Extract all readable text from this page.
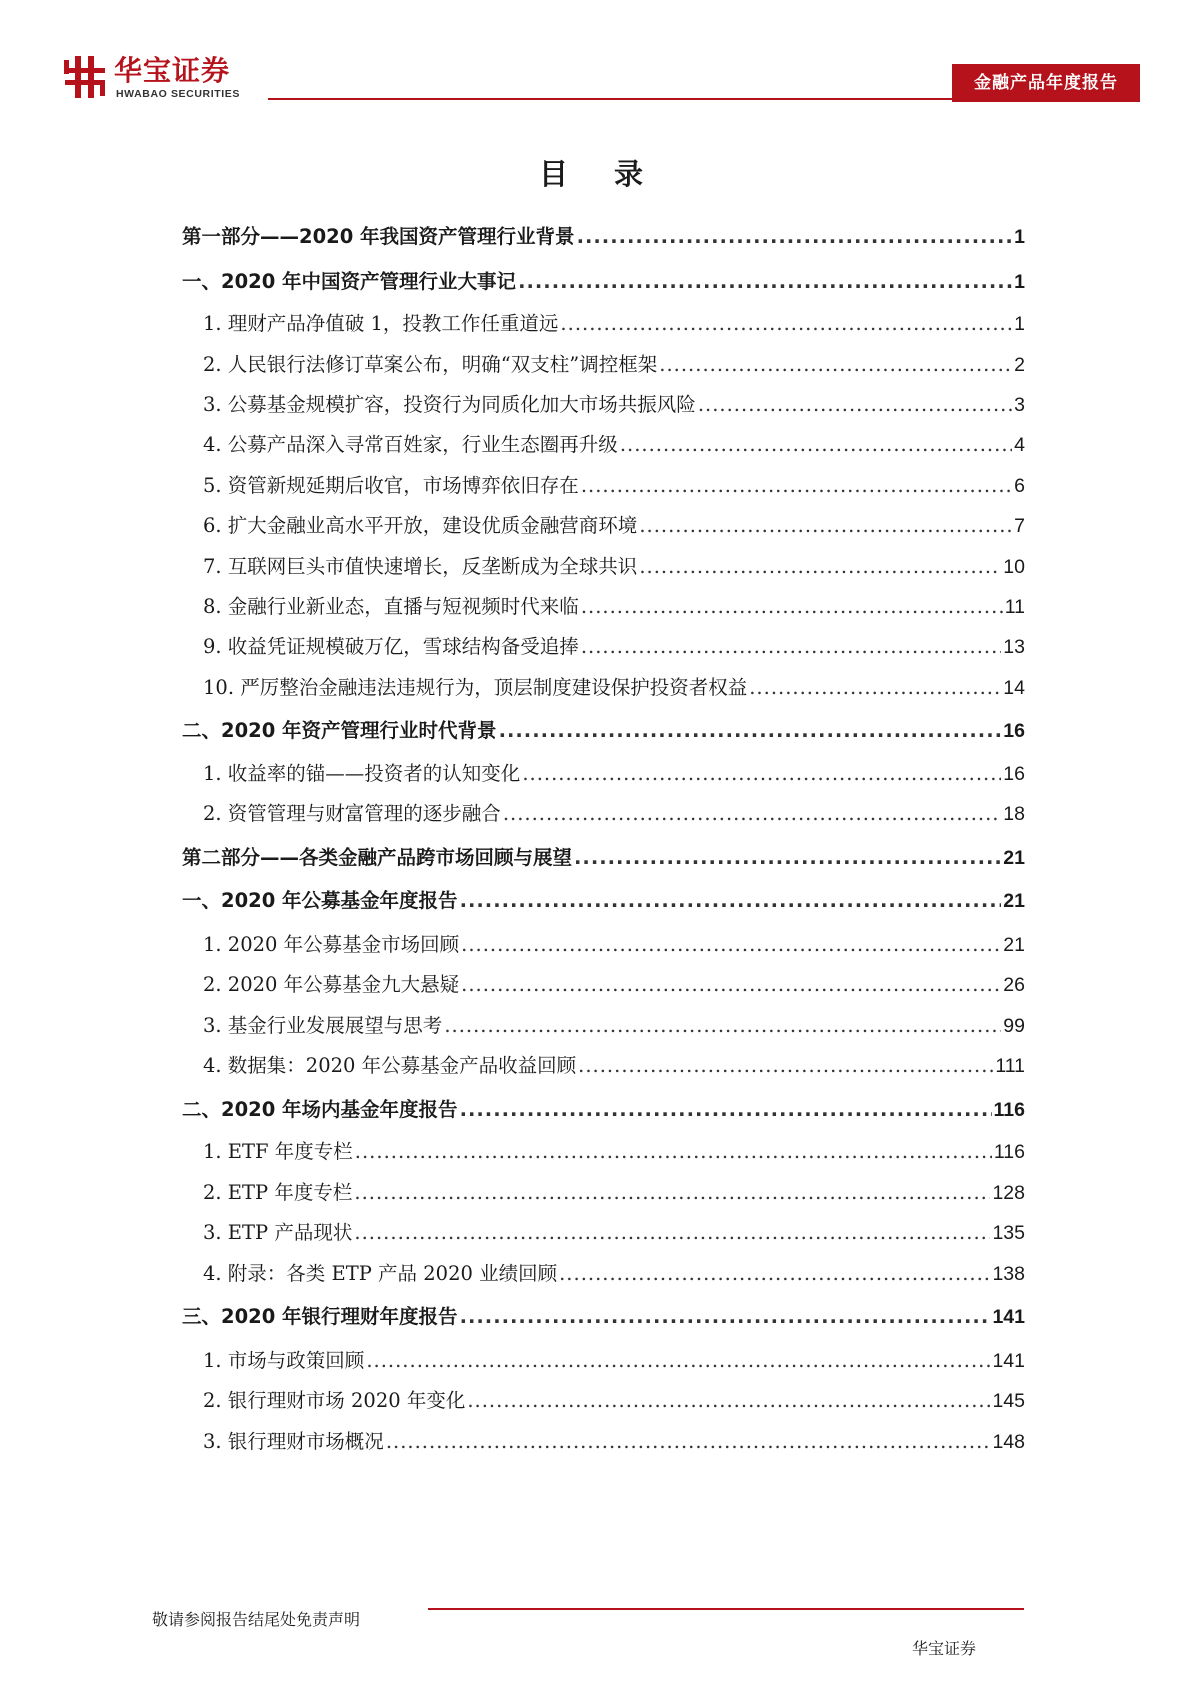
华宝证券
HWABAO SECURITIES
金融产品年度报告
目 录
第一部分——2020 年我国资产管理行业背景 .....	1
一、2020 年中国资产管理行业大事记 .....	1
1. 理财产品净值破 1，投教工作任重道远 .....	1
2. 人民银行法修订草案公布，明确“双支柱”调控框架 .....	2
3. 公募基金规模扩容，投资行为同质化加大市场共振风险 .....	3
4. 公募产品深入寻常百姓家，行业生态圈再升级 .....	4
5. 资管新规延期后收官，市场博弈依旧存在 .....	6
6. 扩大金融业高水平开放，建设优质金融营商环境 .....	7
7. 互联网巨头市值快速增长，反垄断成为全球共识 .....	10
8. 金融行业新业态，直播与短视频时代来临 .....	11
9. 收益凭证规模破万亿，雪球结构备受追捧 .....	13
10. 严厉整治金融违法违规行为，顶层制度建设保护投资者权益 .....	14
二、2020 年资产管理行业时代背景 .....	16
1. 收益率的锚——投资者的认知变化 .....	16
2. 资管管理与财富管理的逐步融合 .....	18
第二部分——各类金融产品跨市场回顾与展望 .....	21
一、2020 年公募基金年度报告 .....	21
1. 2020 年公募基金市场回顾 .....	21
2. 2020 年公募基金九大悬疑 .....	26
3. 基金行业发展展望与思考 .....	99
4. 数据集：2020 年公募基金产品收益回顾 .....	111
二、2020 年场内基金年度报告 .....	116
1. ETF 年度专栏 .....	116
2. ETP 年度专栏 .....	128
3. ETP 产品现状 .....	135
4. 附录：各类 ETP 产品 2020 业绩回顾 .....	138
三、2020 年银行理财年度报告 .....	141
1. 市场与政策回顾 .....	141
2. 银行理财市场 2020 年变化 .....	145
3. 银行理财市场概况 .....	148
敬请参阅报告结尾处免责声明
华宝证券
